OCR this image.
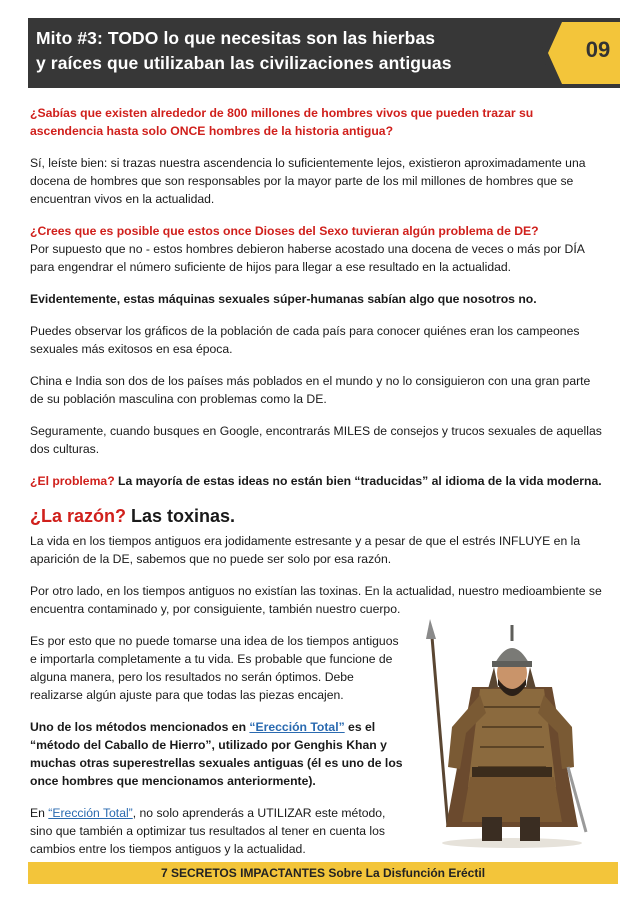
Mito #3: TODO lo que necesitas son las hierbas
y raíces que utilizaban las civilizaciones antiguas
09

¿Sabías que existen alrededor de 800 millones de hombres vivos que pueden trazar su ascendencia hasta solo ONCE hombres de la historia antigua?

Sí, leíste bien: si trazas nuestra ascendencia lo suficientemente lejos, existieron aproximadamente una docena de hombres que son responsables por la mayor parte de los mil millones de hombres que se encuentran vivos en la actualidad.

¿Crees que es posible que estos once Dioses del Sexo tuvieran algún problema de DE?
Por supuesto que no - estos hombres debieron haberse acostado una docena de veces o más por DÍA para engendrar el número suficiente de hijos para llegar a ese resultado en la actualidad.

Evidentemente, estas máquinas sexuales súper-humanas sabían algo que nosotros no.

Puedes observar los gráficos de la población de cada país para conocer quiénes eran los campeones sexuales más exitosos en esa época.

China e India son dos de los países más poblados en el mundo y no lo consiguieron con una gran parte de su población masculina con problemas como la DE.

Seguramente, cuando busques en Google, encontrarás MILES de consejos y trucos sexuales de aquellas dos culturas.

¿El problema? La mayoría de estas ideas no están bien “traducidas” al idioma de la vida moderna.

¿La razón? Las toxinas.

La vida en los tiempos antiguos era jodidamente estresante y a pesar de que el estrés INFLUYE en la aparición de la DE, sabemos que no puede ser solo por esa razón.

Por otro lado, en los tiempos antiguos no existían las toxinas. En la actualidad, nuestro medioambiente se encuentra contaminado y, por consiguiente, también nuestro cuerpo.

Es por esto que no puede tomarse una idea de los tiempos antiguos e importarla completamente a tu vida. Es probable que funcione de alguna manera, pero los resultados no serán óptimos. Debe realizarse algún ajuste para que todas las piezas encajen.

Uno de los métodos mencionados en “Erección Total” es el “método del Caballo de Hierro”, utilizado por Genghis Khan y muchas otras superestrellas sexuales antiguas (él es uno de los once hombres que mencionamos anteriormente).

En “Erección Total”, no solo aprenderás a UTILIZAR este método, sino que también a optimizar tus resultados al tener en cuenta los cambios entre los tiempos antiguos y la actualidad.

7 SECRETOS IMPACTANTES Sobre La Disfunción Eréctil
